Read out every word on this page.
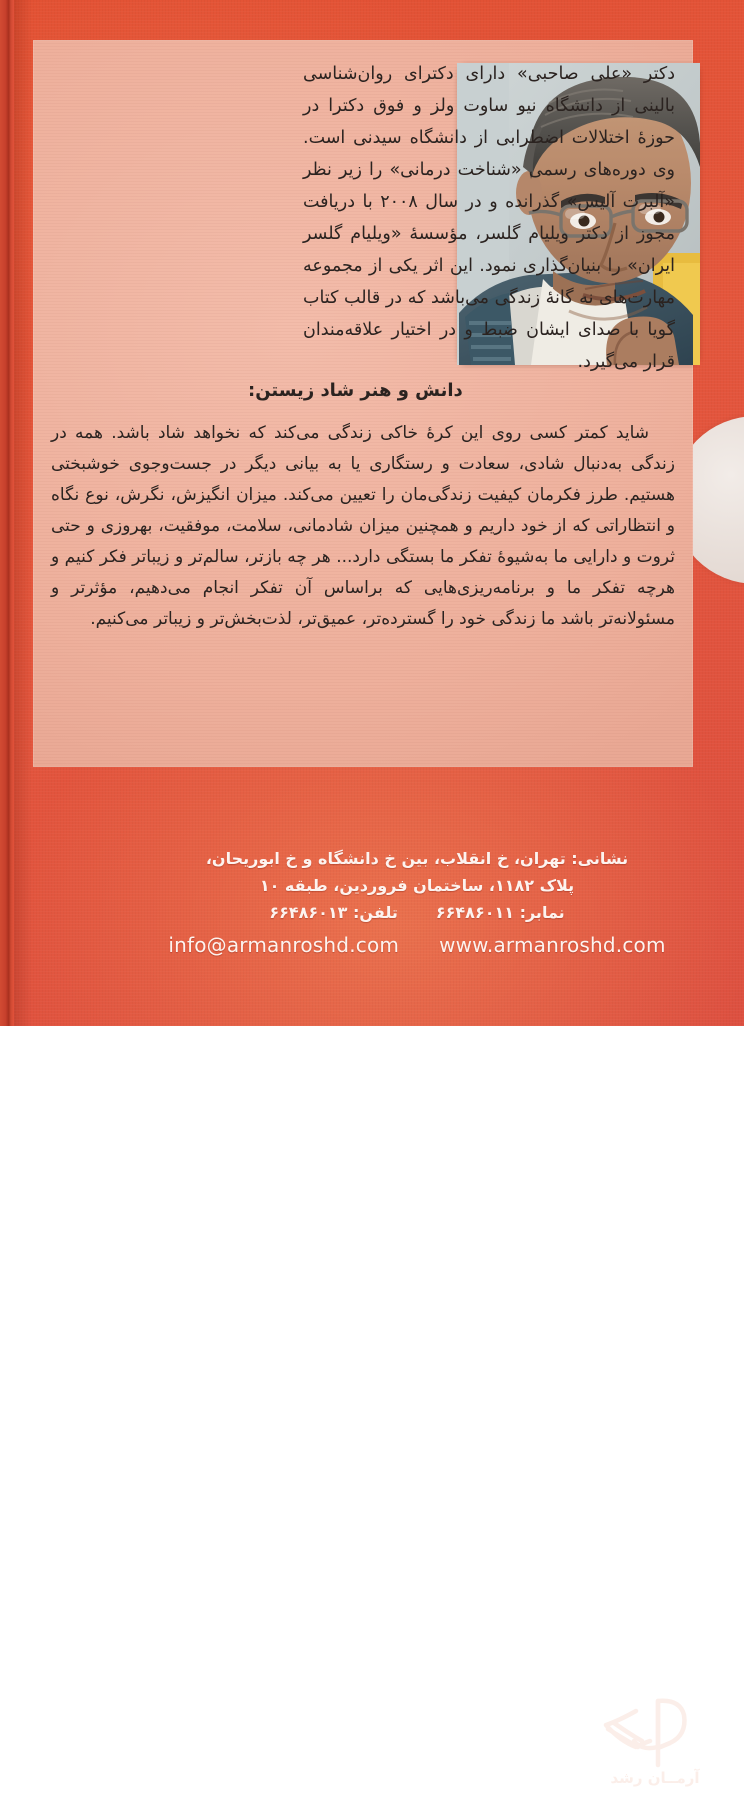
دکتر «علی صاحبی» دارای دکترای روان‌شناسی بالینی از دانشگاه نیو ساوت ولز و فوق دکترا در حوزهٔ اختلالات اضطرابی از دانشگاه سیدنی است. وی دوره‌های رسمی «شناخت درمانی» را زیر نظر «آلبرت آلیس» گذرانده و در سال ۲۰۰۸ با دریافت مجوز از دکتر ویلیام گلسر، مؤسسهٔ «ویلیام گلسر ایران» را بنیان‌گذاری نمود. این اثر یکی از مجموعه مهارت‌های نه گانهٔ زندگی می‌باشد که در قالب کتاب گویا با صدای ایشان ضبط و در اختیار علاقه‌مندان قرار می‌گیرد.
دانش و هنر شاد زیستن:

شاید کمتر کسی روی این کرهٔ خاکی زندگی می‌کند که نخواهد شاد باشد. همه در زندگی به‌دنبال شادی، سعادت و رستگاری یا به بیانی دیگر در جست‌وجوی خوشبختی هستیم. طرز فکرمان کیفیت زندگی‌مان را تعیین می‌کند. میزان انگیزش، نگرش، نوع نگاه و انتظاراتی که از خود داریم و همچنین میزان شادمانی، سلامت، موفقیت، بهروزی و حتی ثروت و دارایی ما به‌شیوهٔ تفکر ما بستگی دارد... هر چه بازتر، سالم‌تر و زیباتر فکر کنیم و هرچه تفکر ما و برنامه‌ریزی‌هایی که براساس آن تفکر انجام می‌دهیم، مؤثرتر و مسئولانه‌تر باشد ما زندگی خود را گسترده‌تر، عمیق‌تر، لذت‌بخش‌تر و زیباتر می‌کنیم.

نشانی: تهران، خ انقلاب، بین خ دانشگاه و خ ابوریحان،
پلاک ۱۱۸۲، ساختمان فروردین، طبقه ۱۰
نمابر: ۶۶۴۸۶۰۱۱
تلفن: ۶۶۴۸۶۰۱۳
info@armanroshd.com www.armanroshd.com
آرمــان رشد
